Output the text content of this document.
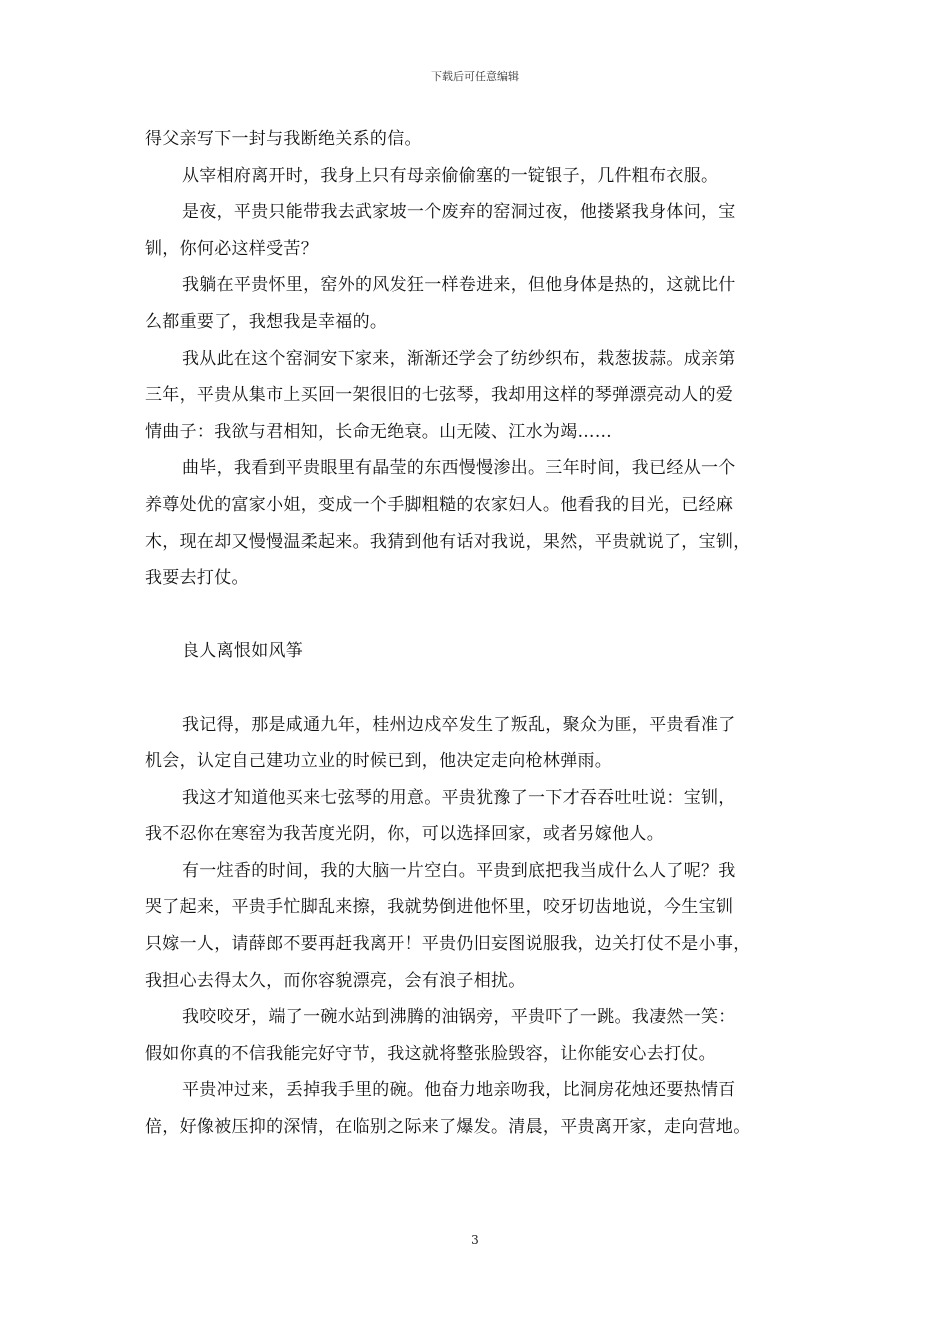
下载后可任意编辑
得父亲写下一封与我断绝关系的信。
从宰相府离开时，我身上只有母亲偷偷塞的一锭银子，几件粗布衣服。
是夜，平贵只能带我去武家坡一个废弃的窑洞过夜，他搂紧我身体问，宝
钏，你何必这样受苦？
我躺在平贵怀里，窑外的风发狂一样卷进来，但他身体是热的，这就比什
么都重要了，我想我是幸福的。
我从此在这个窑洞安下家来，渐渐还学会了纺纱织布，栽葱拔蒜。成亲第
三年，平贵从集市上买回一架很旧的七弦琴，我却用这样的琴弹漂亮动人的爱
情曲子：我欲与君相知，长命无绝衰。山无陵、江水为竭……
曲毕，我看到平贵眼里有晶莹的东西慢慢渗出。三年时间，我已经从一个
养尊处优的富家小姐，变成一个手脚粗糙的农家妇人。他看我的目光，已经麻
木，现在却又慢慢温柔起来。我猜到他有话对我说，果然，平贵就说了，宝钏，
我要去打仗。
良人离恨如风筝
我记得，那是咸通九年，桂州边戍卒发生了叛乱，聚众为匪，平贵看准了
机会，认定自己建功立业的时候已到，他决定走向枪林弹雨。
我这才知道他买来七弦琴的用意。平贵犹豫了一下才吞吞吐吐说：宝钏，
我不忍你在寒窑为我苦度光阴，你，可以选择回家，或者另嫁他人。
有一炷香的时间，我的大脑一片空白。平贵到底把我当成什么人了呢？我
哭了起来，平贵手忙脚乱来擦，我就势倒进他怀里，咬牙切齿地说，今生宝钏
只嫁一人，请薛郎不要再赶我离开！平贵仍旧妄图说服我，边关打仗不是小事，
我担心去得太久，而你容貌漂亮，会有浪子相扰。
我咬咬牙，端了一碗水站到沸腾的油锅旁，平贵吓了一跳。我凄然一笑：
假如你真的不信我能完好守节，我这就将整张脸毁容，让你能安心去打仗。
平贵冲过来，丢掉我手里的碗。他奋力地亲吻我，比洞房花烛还要热情百
倍，好像被压抑的深情，在临别之际来了爆发。清晨，平贵离开家，走向营地。
3
